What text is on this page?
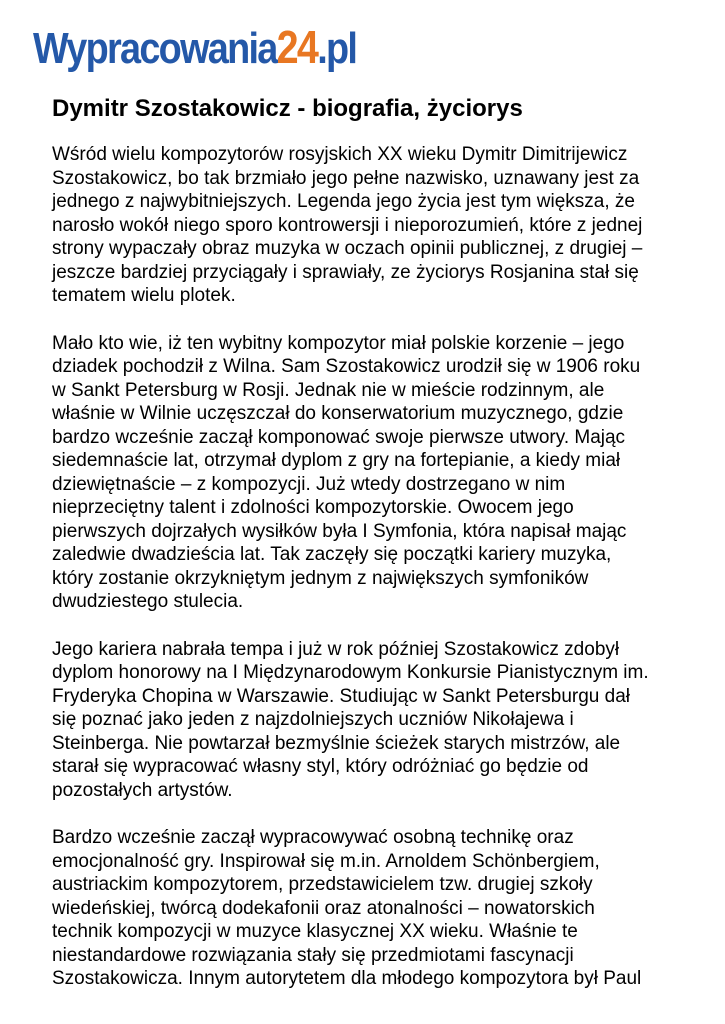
Wypracowania24.pl
Dymitr Szostakowicz - biografia, życiorys

Wśród wielu kompozytorów rosyjskich XX wieku Dymitr Dimitrijewicz
Szostakowicz, bo tak brzmiało jego pełne nazwisko, uznawany jest za
jednego z najwybitniejszych. Legenda jego życia jest tym większa, że
narosło wokół niego sporo kontrowersji i nieporozumień, które z jednej
strony wypaczały obraz muzyka w oczach opinii publicznej, z drugiej –
jeszcze bardziej przyciągały i sprawiały, ze życiorys Rosjanina stał się
tematem wielu plotek.

Mało kto wie, iż ten wybitny kompozytor miał polskie korzenie – jego
dziadek pochodził z Wilna. Sam Szostakowicz urodził się w 1906 roku
w Sankt Petersburg w Rosji. Jednak nie w mieście rodzinnym, ale
właśnie w Wilnie uczęszczał do konserwatorium muzycznego, gdzie
bardzo wcześnie zaczął komponować swoje pierwsze utwory. Mając
siedemnaście lat, otrzymał dyplom z gry na fortepianie, a kiedy miał
dziewiętnaście – z kompozycji. Już wtedy dostrzegano w nim
nieprzeciętny talent i zdolności kompozytorskie. Owocem jego
pierwszych dojrzałych wysiłków była I Symfonia, która napisał mając
zaledwie dwadzieścia lat. Tak zaczęły się początki kariery muzyka,
który zostanie okrzykniętym jednym z największych symfoników
dwudziestego stulecia.

Jego kariera nabrała tempa i już w rok później Szostakowicz zdobył
dyplom honorowy na I Międzynarodowym Konkursie Pianistycznym im.
Fryderyka Chopina w Warszawie. Studiując w Sankt Petersburgu dał
się poznać jako jeden z najzdolniejszych uczniów Nikołajewa i
Steinberga. Nie powtarzał bezmyślnie ścieżek starych mistrzów, ale
starał się wypracować własny styl, który odróżniać go będzie od
pozostałych artystów.

Bardzo wcześnie zaczął wypracowywać osobną technikę oraz
emocjonalność gry. Inspirował się m.in. Arnoldem Schönbergiem,
austriackim kompozytorem, przedstawicielem tzw. drugiej szkoły
wiedeńskiej, twórcą dodekafonii oraz atonalności – nowatorskich
technik kompozycji w muzyce klasycznej XX wieku. Właśnie te
niestandardowe rozwiązania stały się przedmiotami fascynacji
Szostakowicza. Innym autorytetem dla młodego kompozytora był Paul
